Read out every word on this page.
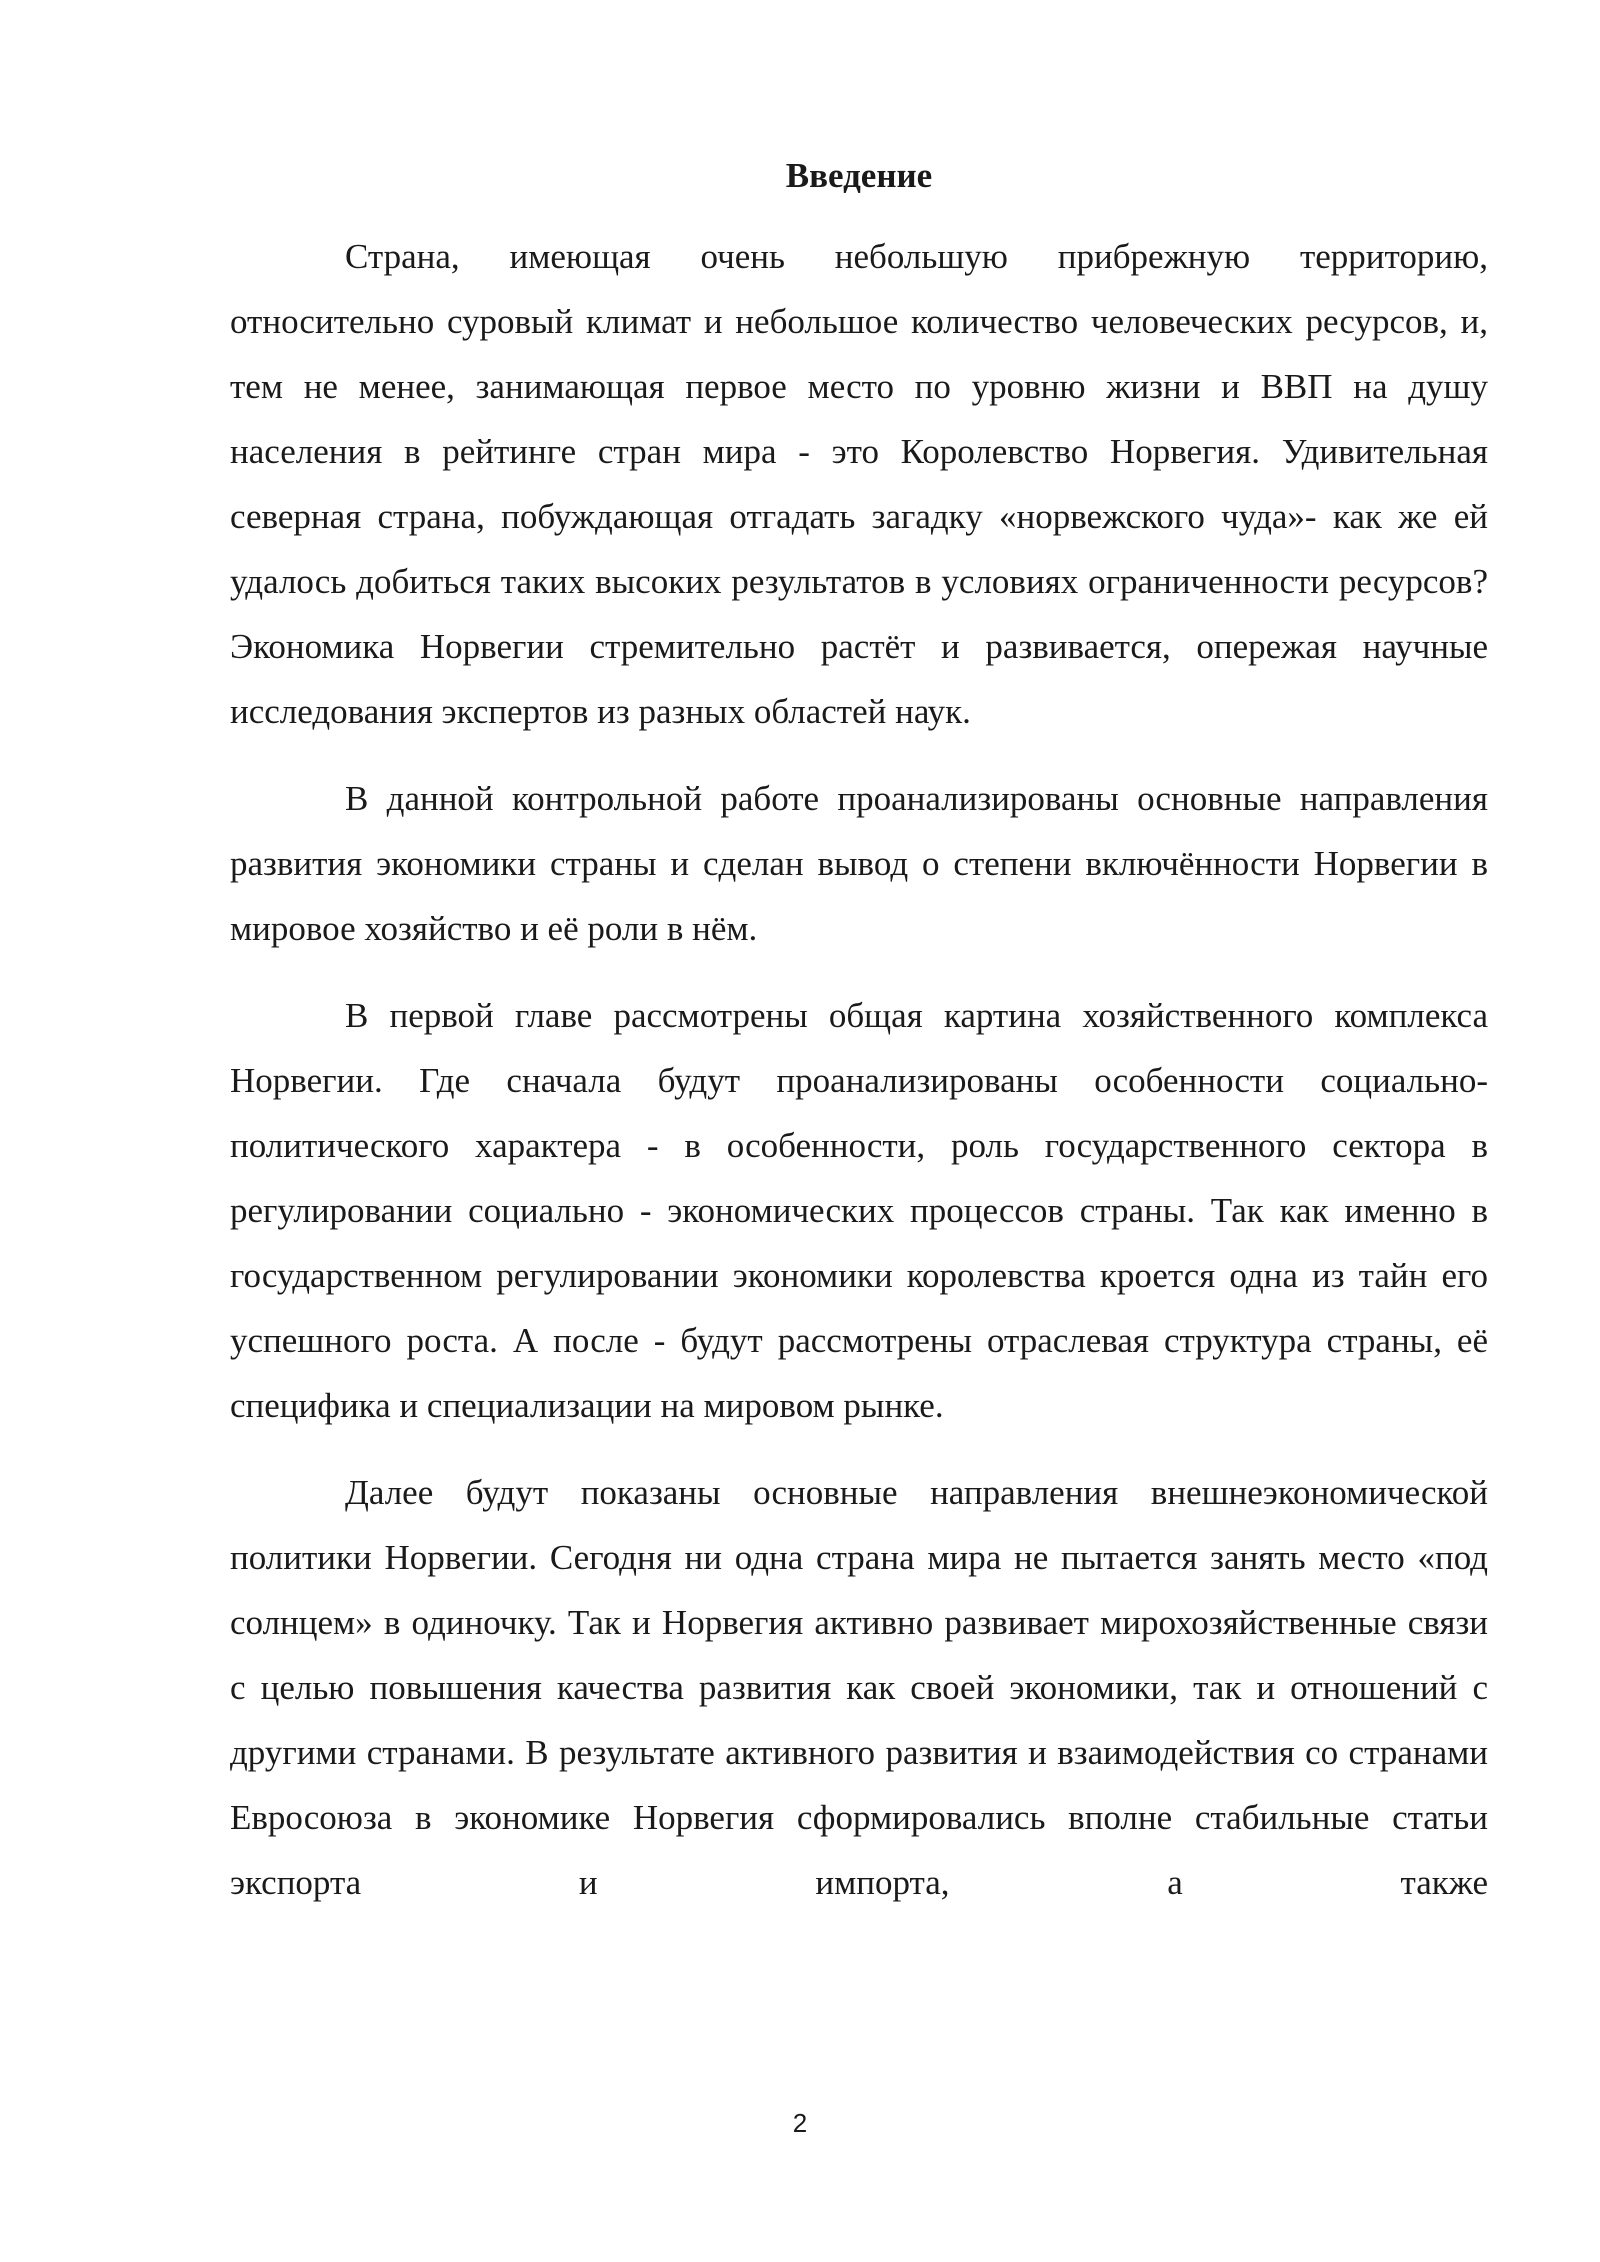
Введение

Страна, имеющая очень небольшую прибрежную территорию, относительно суровый климат и небольшое количество человеческих ресурсов, и, тем не менее, занимающая первое место по уровню жизни и ВВП на душу населения в рейтинге стран мира - это Королевство Норвегия. Удивительная северная страна, побуждающая отгадать загадку «норвежского чуда»- как же ей удалось добиться таких высоких результатов в условиях ограниченности ресурсов? Экономика Норвегии стремительно растёт и развивается, опережая научные исследования экспертов из разных областей наук.

В данной контрольной работе проанализированы основные направления развития экономики страны и сделан вывод о степени включённости Норвегии в мировое хозяйство и её роли в нём.

В первой главе рассмотрены общая картина хозяйственного комплекса Норвегии. Где сначала будут проанализированы особенности социально-политического характера - в особенности, роль государственного сектора в регулировании социально - экономических процессов страны. Так как именно в государственном регулировании экономики королевства кроется одна из тайн его успешного роста. А после - будут рассмотрены отраслевая структура страны, её специфика и специализации на мировом рынке.

Далее будут показаны основные направления внешнеэкономической политики Норвегии. Сегодня ни одна страна мира не пытается занять место «под солнцем» в одиночку. Так и Норвегия активно развивает мирохозяйственные связи с целью повышения качества развития как своей экономики, так и отношений с другими странами. В результате активного развития и взаимодействия со странами Евросоюза в экономике Норвегия сформировались вполне стабильные статьи экспорта и импорта, а также

2
